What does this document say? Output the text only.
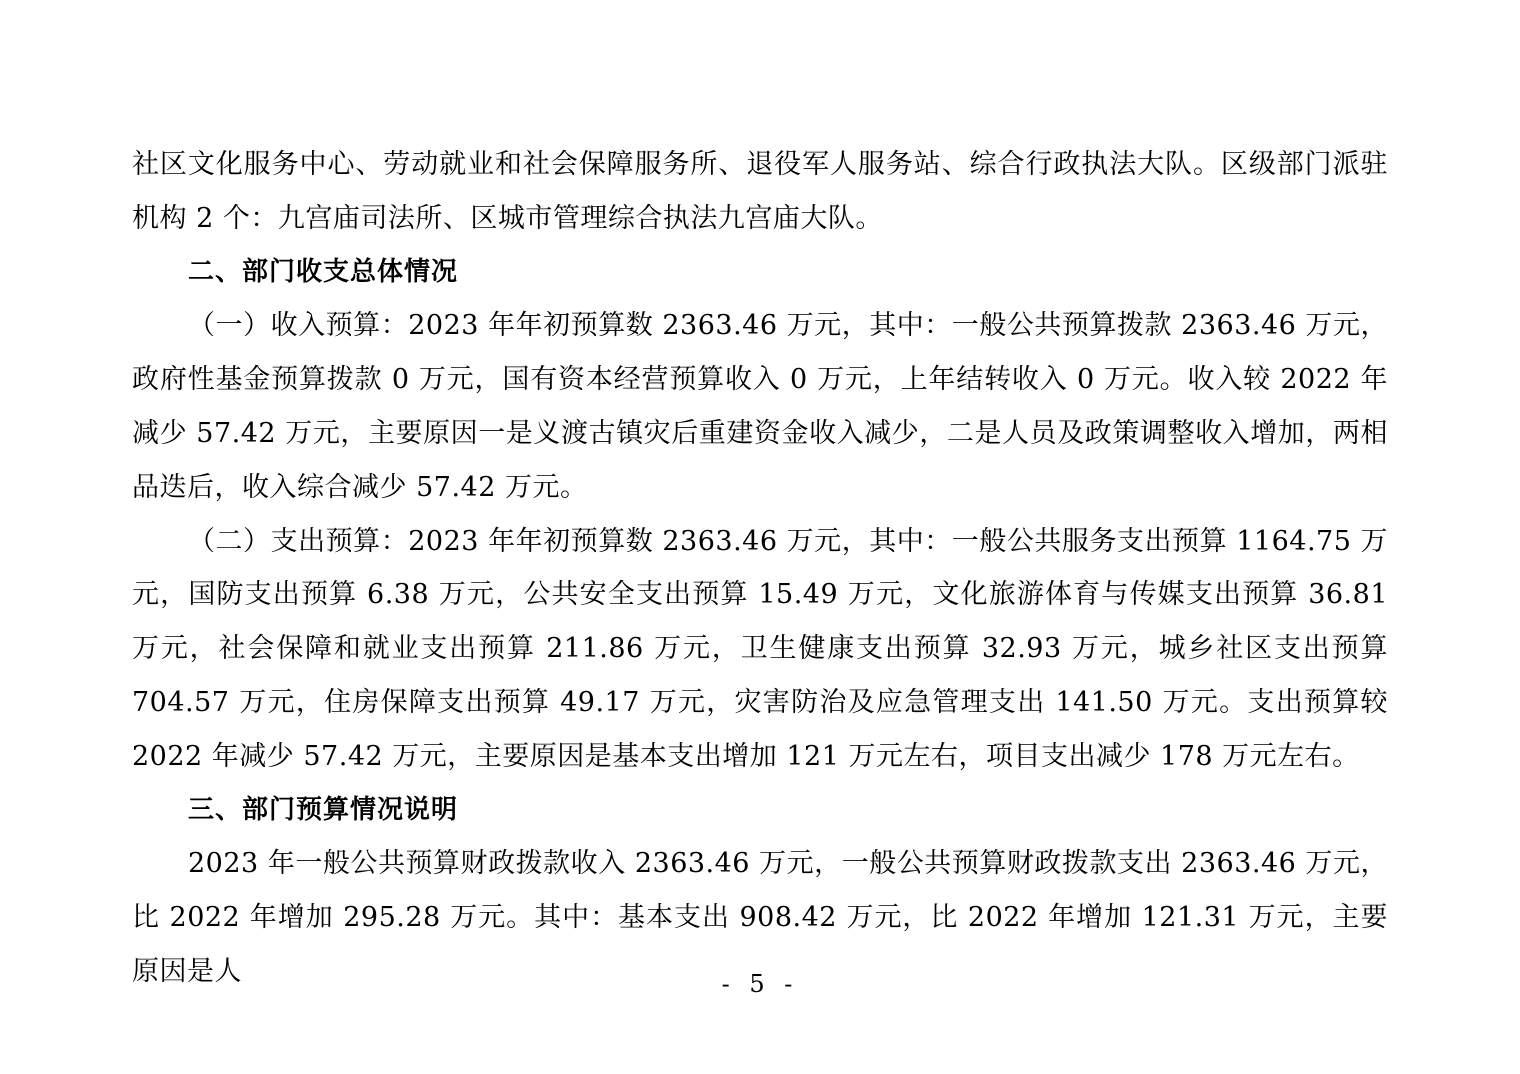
社区文化服务中心、劳动就业和社会保障服务所、退役军人服务站、综合行政执法大队。区级部门派驻机构 2 个：九宫庙司法所、区城市管理综合执法九宫庙大队。

二、部门收支总体情况

（一）收入预算：2023 年年初预算数 2363.46 万元，其中：一般公共预算拨款 2363.46 万元，政府性基金预算拨款 0 万元，国有资本经营预算收入 0 万元，上年结转收入 0 万元。收入较 2022 年减少 57.42 万元，主要原因一是义渡古镇灾后重建资金收入减少，二是人员及政策调整收入增加，两相品迭后，收入综合减少 57.42 万元。

（二）支出预算：2023 年年初预算数 2363.46 万元，其中：一般公共服务支出预算 1164.75 万元，国防支出预算 6.38 万元，公共安全支出预算 15.49 万元，文化旅游体育与传媒支出预算 36.81 万元，社会保障和就业支出预算 211.86 万元，卫生健康支出预算 32.93 万元，城乡社区支出预算 704.57 万元，住房保障支出预算 49.17 万元，灾害防治及应急管理支出 141.50 万元。支出预算较 2022 年减少 57.42 万元，主要原因是基本支出增加 121 万元左右，项目支出减少 178 万元左右。

三、部门预算情况说明

2023 年一般公共预算财政拨款收入 2363.46 万元，一般公共预算财政拨款支出 2363.46 万元，比 2022 年增加 295.28 万元。其中：基本支出 908.42 万元，比 2022 年增加 121.31 万元，主要原因是人	- 5 -
